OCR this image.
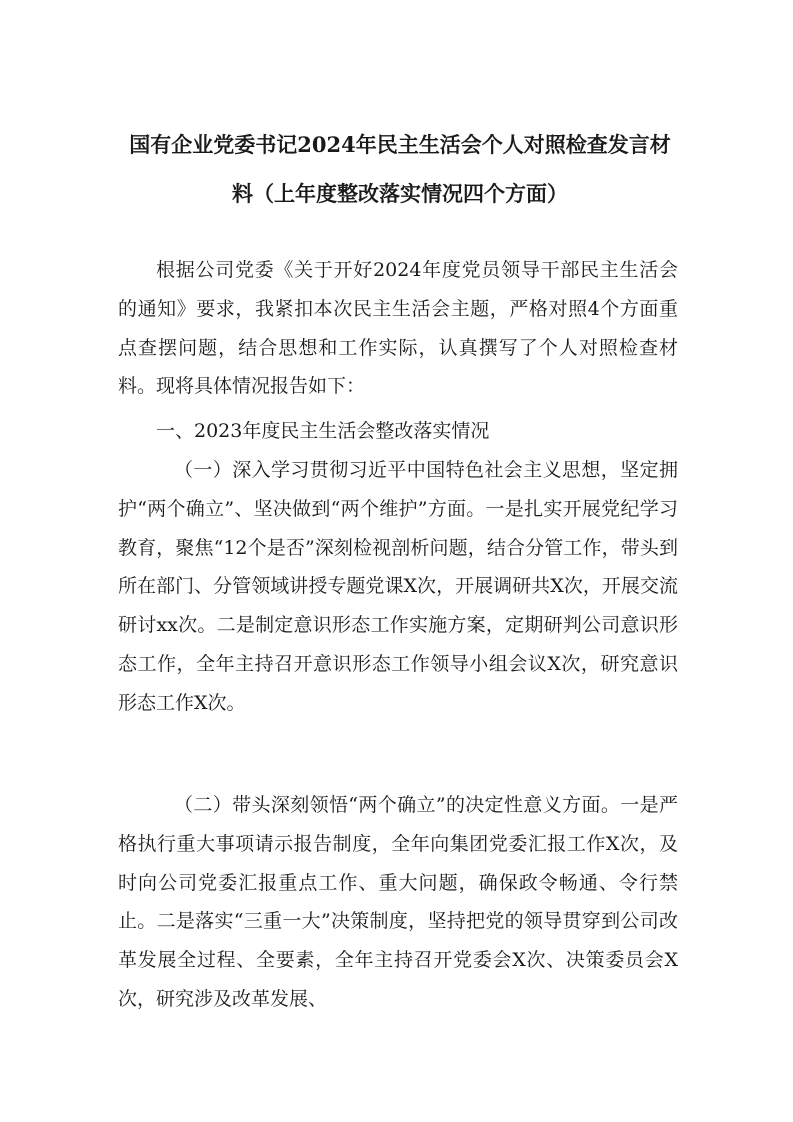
国有企业党委书记2024年民主生活会个人对照检查发言材
料（上年度整改落实情况四个方面）

根据公司党委《关于开好2024年度党员领导干部民主生活会的通知》要求，我紧扣本次民主生活会主题，严格对照4个方面重点查摆问题，结合思想和工作实际，认真撰写了个人对照检查材料。现将具体情况报告如下：

一、2023年度民主生活会整改落实情况

（一）深入学习贯彻习近平中国特色社会主义思想，坚定拥护“两个确立”、坚决做到“两个维护”方面。一是扎实开展党纪学习教育，聚焦“12个是否”深刻检视剖析问题，结合分管工作，带头到所在部门、分管领域讲授专题党课X次，开展调研共X次，开展交流研讨xx次。二是制定意识形态工作实施方案，定期研判公司意识形态工作，全年主持召开意识形态工作领导小组会议X次，研究意识形态工作X次。

（二）带头深刻领悟“两个确立”的决定性意义方面。一是严格执行重大事项请示报告制度，全年向集团党委汇报工作X次，及时向公司党委汇报重点工作、重大问题，确保政令畅通、令行禁止。二是落实“三重一大”决策制度，坚持把党的领导贯穿到公司改革发展全过程、全要素，全年主持召开党委会X次、决策委员会X次，研究涉及改革发展、
